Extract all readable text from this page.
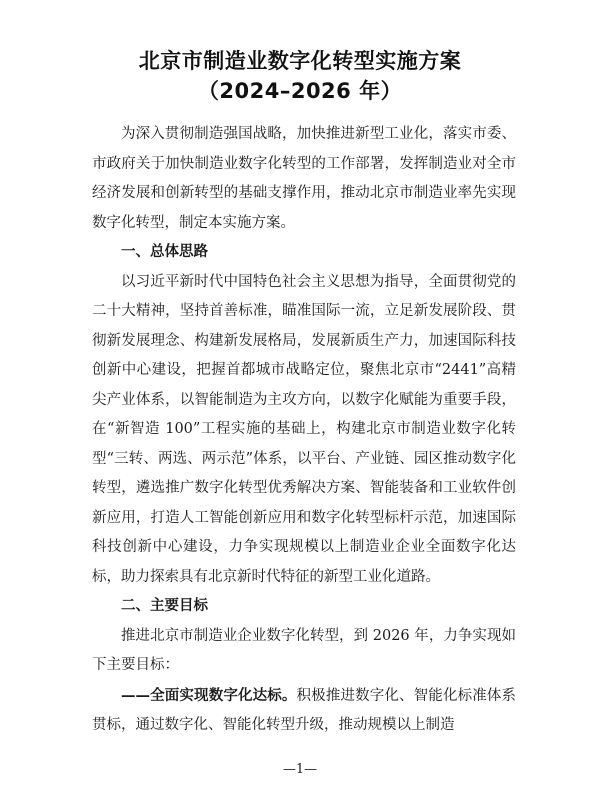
北京市制造业数字化转型实施方案
（2024–2026 年）

为深入贯彻制造强国战略，加快推进新型工业化，落实市委、市政府关于加快制造业数字化转型的工作部署，发挥制造业对全市经济发展和创新转型的基础支撑作用，推动北京市制造业率先实现数字化转型，制定本实施方案。

一、总体思路

以习近平新时代中国特色社会主义思想为指导，全面贯彻党的二十大精神，坚持首善标准，瞄准国际一流，立足新发展阶段、贯彻新发展理念、构建新发展格局，发展新质生产力，加速国际科技创新中心建设，把握首都城市战略定位，聚焦北京市“2441”高精尖产业体系，以智能制造为主攻方向，以数字化赋能为重要手段，在“新智造 100”工程实施的基础上，构建北京市制造业数字化转型“三转、两选、两示范”体系，以平台、产业链、园区推动数字化转型，遴选推广数字化转型优秀解决方案、智能装备和工业软件创新应用，打造人工智能创新应用和数字化转型标杆示范，加速国际科技创新中心建设，力争实现规模以上制造业企业全面数字化达标，助力探索具有北京新时代特征的新型工业化道路。

二、主要目标

推进北京市制造业企业数字化转型，到 2026 年，力争实现如下主要目标：

——全面实现数字化达标。积极推进数字化、智能化标准体系贯标，通过数字化、智能化转型升级，推动规模以上制造

—1—
